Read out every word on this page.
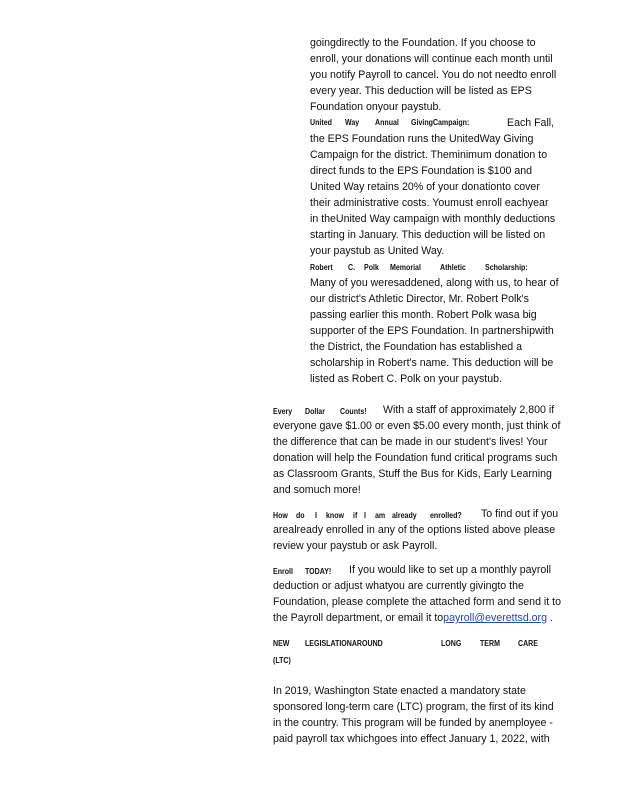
goingdirectly to the Foundation. If you choose to
enroll, your donations will continue each month until
you notify Payroll to cancel. You do not needto enroll
every year. This deduction will be listed as EPS
Foundation onyour paystub.
United Way Annual GivingCampaign:	Each Fall,
the EPS Foundation runs the UnitedWay Giving
Campaign for the district. Theminimum donation to
direct funds to the EPS Foundation is $100 and
United Way retains 20% of your donationto cover
their administrative costs. Youmust enroll eachyear
in theUnited Way campaign with monthly deductions
starting in January. This deduction will be listed on
your paystub as United Way.
Robert C. Polk Memorial Athletic Scholarship:
Many of you weresaddened, along with us, to hear of
our district's Athletic Director, Mr. Robert Polk's
passing earlier this month. Robert Polk wasa big
supporter of the EPS Foundation. In partnershipwith
the District, the Foundation has established a
scholarship in Robert's name. This deduction will be
listed as Robert C. Polk on your paystub.
Every Dollar Counts! With a staff of approximately 2,800 if
everyone gave $1.00 or even $5.00 every month, just think of
the difference that can be made in our student's lives! Your
donation will help the Foundation fund critical programs such
as Classroom Grants, Stuff the Bus for Kids, Early Learning
and somuch more!
How do I know if I am already enrolled? To find out if you
arealready enrolled in any of the options listed above please
review your paystub or ask Payroll.
Enroll TODAY! If you would like to set up a monthly payroll
deduction or adjust whatyou are currently givingto the
Foundation, please complete the attached form and send it to
the Payroll department, or email it topayroll@everettsd.org .
NEW LEGISLATIONAROUND	LONG TERM CARE
(LTC)
In 2019, Washington State enacted a mandatory state
sponsored long-term care (LTC) program, the first of its kind
in the country. This program will be funded by anemployee -
paid payroll tax whichgoes into effect January 1, 2022, with
